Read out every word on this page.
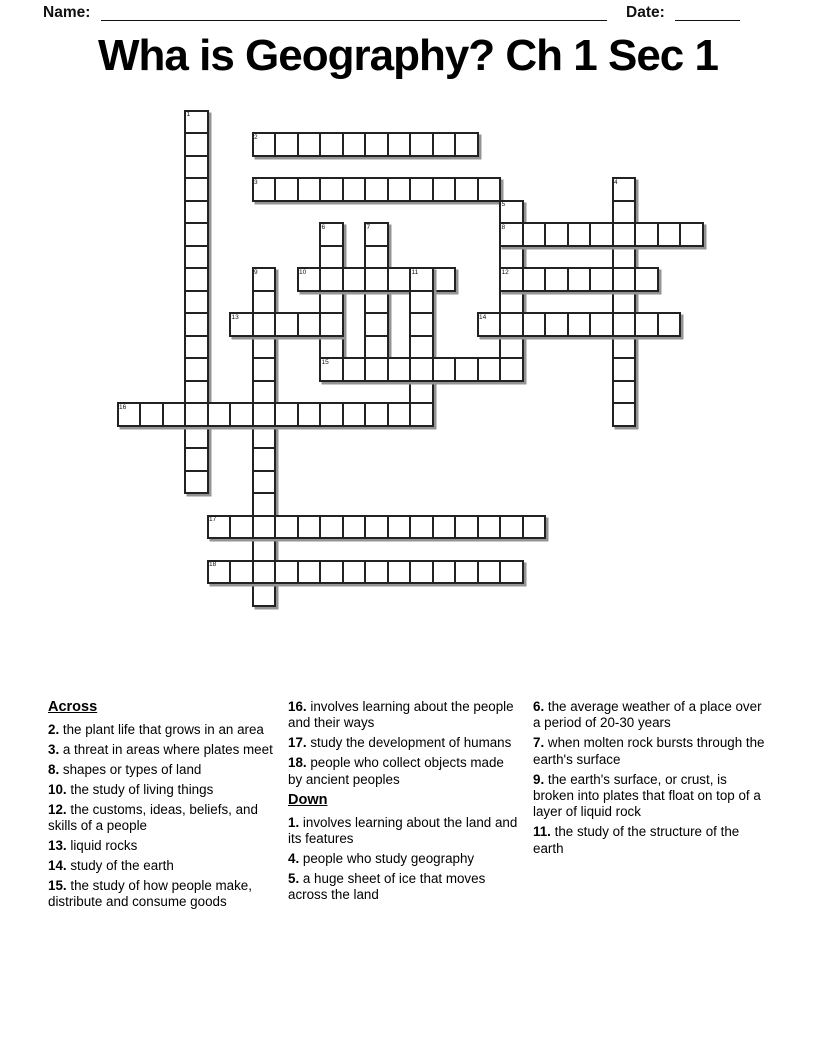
Name:	Date:
Wha is Geography? Ch 1 Sec 1
1
2
3	4
5
6	7	8
9	10	11	12
13	14
15
16
17
18
Across

2. the plant life that grows in an area

3. a threat in areas where plates meet

8. shapes or types of land

10. the study of living things

12. the customs, ideas, beliefs, and skills of a people

13. liquid rocks

14. study of the earth

15. the study of how people make, distribute and consume goods

16. involves learning about the people and their ways

17. study the development of humans

18. people who collect objects made by ancient peoples

Down

1. involves learning about the land and its features

4. people who study geography

5. a huge sheet of ice that moves across the land

6. the average weather of a place over a period of 20-30 years

7. when molten rock bursts through the earth's surface

9. the earth's surface, or crust, is broken into plates that float on top of a layer of liquid rock

11. the study of the structure of the earth
